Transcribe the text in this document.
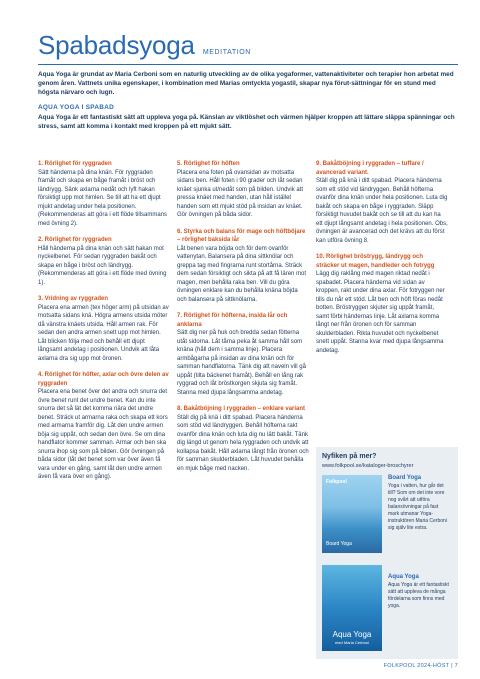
Spabadsyoga MEDITATION
Aqua Yoga är grundat av Maria Cerboni som en naturlig utveckling av de olika yogaformer, vattenaktiviteter och terapier hon arbetat med genom åren. Vattnets unika egenskaper, i kombination med Marias omtyckta yogastil, skapar nya förut-sättningar för en stund med högsta närvaro och lugn.
AQUA YOGA I SPABAD
Aqua Yoga är ett fantastiskt sätt att uppleva yoga på. Känslan av viktlöshet och värmen hjälper kroppen att lättare släppa spänningar och stress, samt att komma i kontakt med kroppen på ett mjukt sätt.
1. Rörlighet för ryggraden
Sätt händerna på dina knän. För ryggraden framåt och skapa en båge framåt i bröst och ländrygg. Sänk axlarna nedåt och lyft hakan försiktigt upp mot himlen. Se till att ha ett djupt mjukt andetag under hela positionen. (Rekommenderas att göra i ett flöde tillsammans med övning 2).
2. Rörlighet för ryggraden
Håll händerna på dina knän och sätt hakan mot nyckelbenet. För sedan ryggraden bakåt och skapa en båge i bröst och ländrygg. (Rekommenderas att göra i ett flöde med övning 1).
3. Vridning av ryggraden
Placera ena armen (tex höger arm) på utsidan av motsatta sidans knä. Högra armens utsida möter då vänstra knäets utsida. Håll armen rak. För sedan den andra armen snett upp mot himlen. Låt blicken följa med och behåll ett djupt långsamt andetag i positionen. Undvik att låta axlarna dra sig upp mot öronen.
4. Rörlighet för höfter, axlar och övre delen av ryggraden
Placera ena benet över det andra och snurra det övre benet runt det undre benet. Kan du inte snurra det så lät det komma nära det undre benet. Sträck ut armarna raka och skapa ett kors med armarna framför dig. Låt den undre armen böja sig uppåt, och sedan den övre. Se om dina handflator kommer samman. Armar och ben ska snurra ihop sig som på bilden. Gör övningen på båda sidor (låt det benet som var över även få vara under en gång, samt låt den undre armen även få vara över en gång).
5. Rörlighet för höften
Placera ena foten på ovansidan av motsatta sidans ben. Håll foten i 90 grader och låt sedan knäet sjunka ut/nedåt som på bilden. Undvik att pressa knäet med handen, utan håll istället handen som ett mjukt stöd på insidan av knäet. Gör övningen på båda sidor.
6. Styrka och balans för mage och höftböjare – rörlighet baksida lår
Låt benen vara böjda och för dem ovanför vattenytan. Balansera på dina sittknölar och greppa tag med fingrarna runt stortårna. Sträck dem sedan försiktigt och sikta på att få lären mot magen, men behålla raka ben. Vill du göra övningen enklare kan du behålla knäna böjda och balansera på sittknölarna.
7. Rörlighet för höfterna, insida lår och anklarna
Sätt dig ner på huk och bredda sedan fötterna utåt sidorna. Låt tårna peka åt samma håll som knäna (håll dem i samma linje). Placera armbågarna på insidan av dina knän och för samman handflatorna. Tänk dig att naveln vill gå uppåt (tilta bäckenet framåt). Behåll en lång rak ryggrad och låt bröstkorgen skjuta sig framåt. Stanna med djupa långsamma andetag.
8. Bakåtböjning i ryggraden – enklare variant
Ställ dig på knä i ditt spabad. Placera händerna som stöd vid ländryggen. Behåll höfterna rakt ovanför dina knän och luta dig nu lätt bakåt. Tänk dig längd ut genom hela ryggraden och undvik att kollapsa bakåt. Håll axlarna långt från öronen och för samman skulderbladen. Låt huvudet behålla en mjuk båge med nacken.
9. Bakåtböjning i ryggraden – tuffare / avancerad variant.
Ställ dig på knä i ditt spabad. Placera händerna som ett stöd vid ländryggen. Behåll höfterna ovanför dina knän under hela positionen. Luta dig bakåt och skapa en båge i ryggraden. Släpp försiktigt huvudet bakåt och se till att du kan ha ett djupt långsamt andetag i hela positionen. Obs, övningen är avancerad och det krävs att du först kan utföra övning 8.
10. Rörlighet bröstrygg, ländrygg och sträcker ut magen, handleder och fotrygg
Lägg dig raklång med magen riktad nedåt i spabadet. Placera händerna vid sidan av kroppen, rakt under dina axlar. För fotryggen ner tills du når ett stöd. Låt ben och höft föras nedåt botten. Bröstryggen skjuter sig uppåt framåt, samt förbi händernas linje. Låt axlarna komma långt ner från öronen och för samman skulderbladen. Rikta huvudet och nyckelbenet snett uppåt. Stanna kvar med djupa långsamma andetag.
Nyfiken på mer?
www.folkpool.se/kataloger-broschyrer
Folkpool
Board Yoga
Board Yoga
Yoga i vatten, hur går det till? Som om det inte vore nog svårt att utföra balansövningar på fast mark utmanar Yoga-instruktören Maria Cerboni sig själv lite extra.
Aqua Yoga
med Maria Cerboni
Aqua Yoga
Aqua Yoga är ett fantastiskt sätt att uppleva de många fördelarna som finns med yoga.
FOLKPOOL 2024-HÖST | 7
